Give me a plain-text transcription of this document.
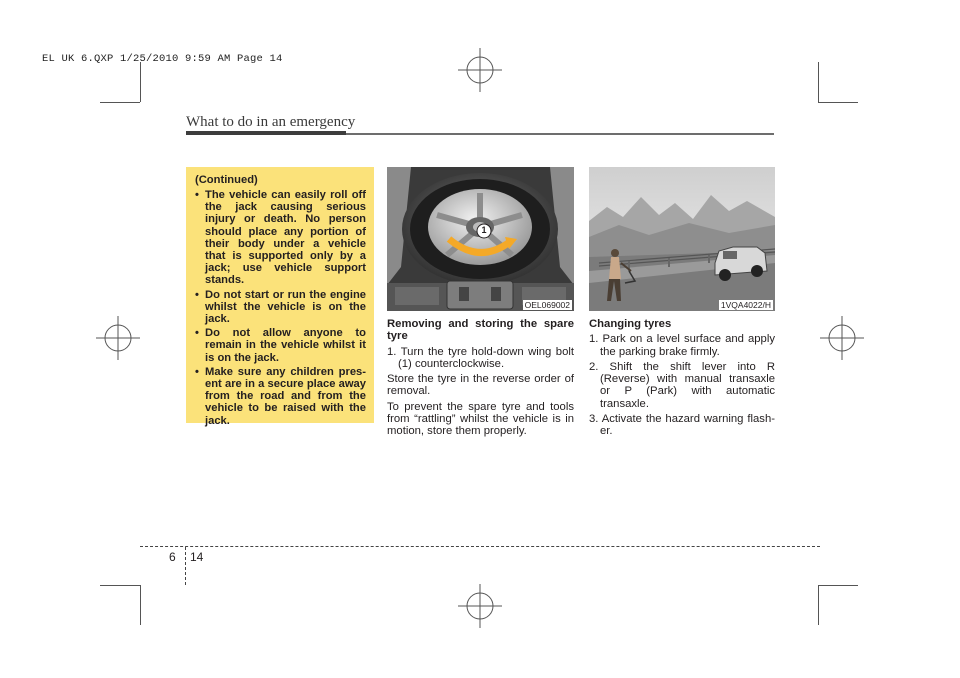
EL UK 6.QXP 1/25/2010 9:59 AM Page 14
What to do in an emergency
(Continued)
• The vehicle can easily roll off the jack causing serious injury or death. No person should place any portion of their body under a vehicle that is supported only by a jack; use vehicle support stands.
• Do not start or run the engine whilst the vehicle is on the jack.
• Do not allow anyone to remain in the vehicle whilst it is on the jack.
• Make sure any children pres-ent are in a secure place away from the road and from the vehicle to be raised with the jack.
1
OEL069002	1VQA4022/H

Removing and storing the spare tyre

1. Turn the tyre hold-down wing bolt (1) counterclockwise.

Store the tyre in the reverse order of removal.

To prevent the spare tyre and tools from “rattling” whilst the vehicle is in motion, store them properly.

Changing tyres

1. Park on a level surface and apply the parking brake firmly.
2. Shift the shift lever into R (Reverse) with manual transaxle or P (Park) with automatic transaxle.
3. Activate the hazard warning flash-er.
6 14
